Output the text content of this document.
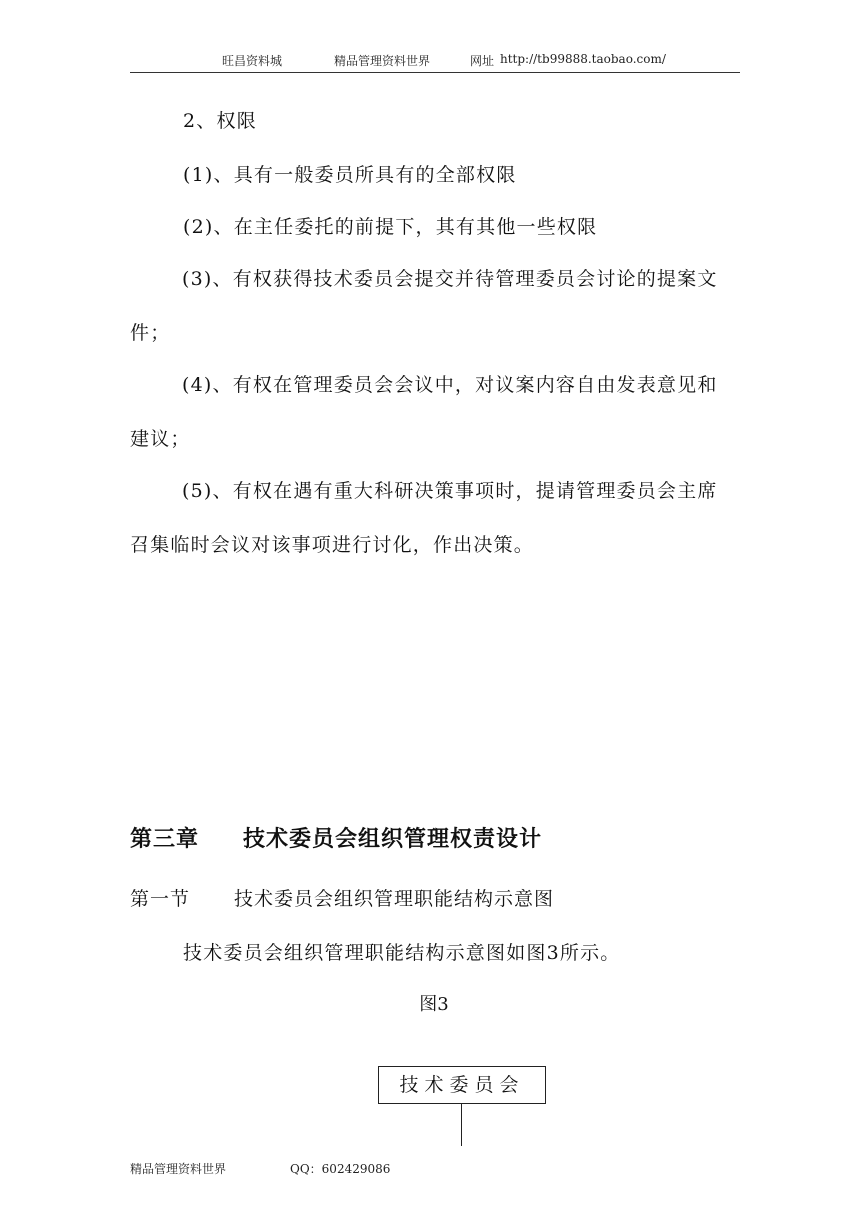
旺昌资料城	精品管理资料世界	网址 http://tb99888.taobao.com/
2、权限
(1)、具有一般委员所具有的全部权限
(2)、在主任委托的前提下，其有其他一些权限
(3)、有权获得技术委员会提交并待管理委员会讨论的提案文件；
(4)、有权在管理委员会会议中，对议案内容自由发表意见和建议；
(5)、有权在遇有重大科研决策事项时，提请管理委员会主席召集临时会议对该事项进行讨化，作出决策。
第三章 技术委员会组织管理权责设计
第一节 技术委员会组织管理职能结构示意图
技术委员会组织管理职能结构示意图如图3所示。
图3
技术委员会
精品管理资料世界	QQ：602429086
